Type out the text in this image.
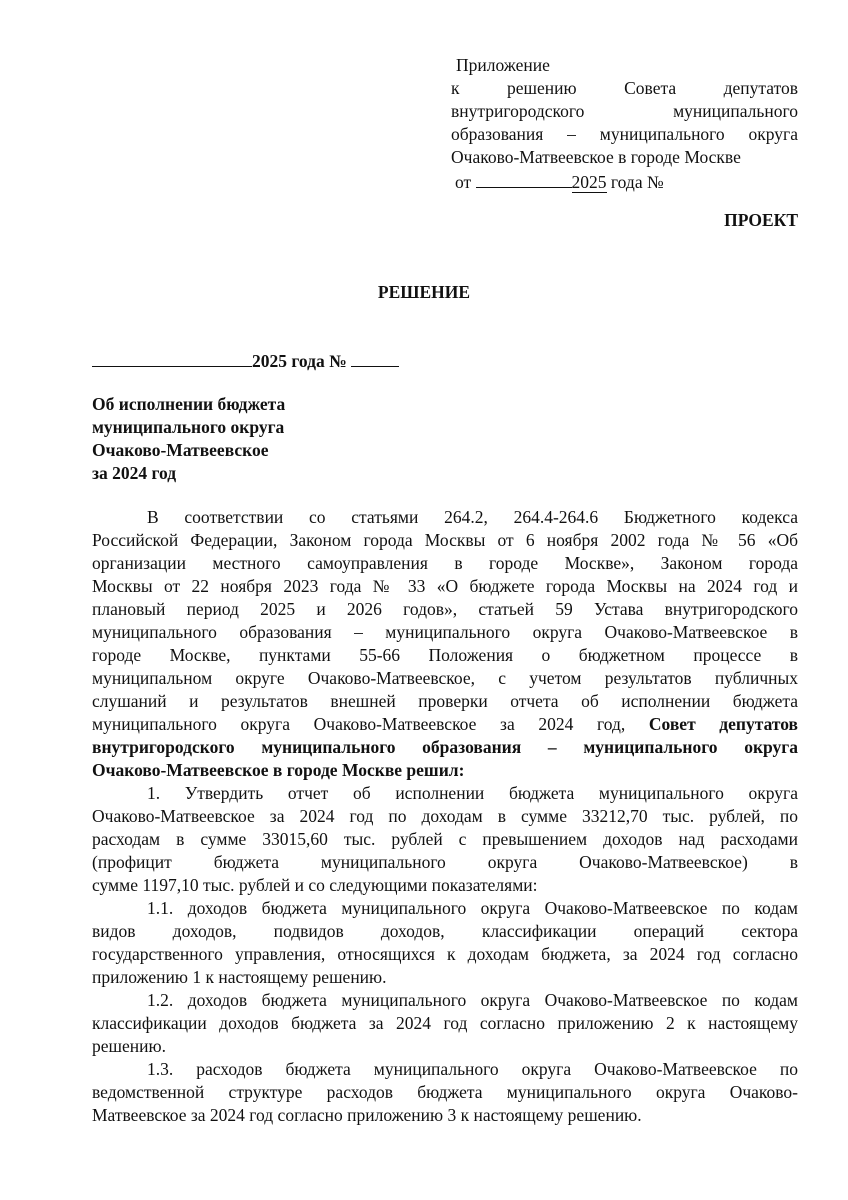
Приложение
к решению Совета депутатов
внутригородского муниципального
образования – муниципального округа
Очаково-Матвеевское в городе Москве
от	2025 года №
ПРОЕКТ
РЕШЕНИЕ
2025 года №
Об исполнении бюджета
муниципального округа
Очаково-Матвеевское
за 2024 год
В соответствии со статьями 264.2, 264.4-264.6 Бюджетного кодекса
Российской Федерации, Законом города Москвы от 6 ноября 2002 года № 56 «Об
организации местного самоуправления в городе Москве», Законом города
Москвы от 22 ноября 2023 года № 33 «О бюджете города Москвы на 2024 год и
плановый период 2025 и 2026 годов», статьей 59 Устава внутригородского
муниципального образования – муниципального округа Очаково-Матвеевское в
городе Москве, пунктами 55-66 Положения о бюджетном процессе в
муниципальном округе Очаково-Матвеевское, с учетом результатов публичных
слушаний и результатов внешней проверки отчета об исполнении бюджета
муниципального округа Очаково-Матвеевское за 2024 год, Совет депутатов
внутригородского муниципального образования – муниципального округа
Очаково-Матвеевское в городе Москве решил:
1. Утвердить отчет об исполнении бюджета муниципального округа
Очаково-Матвеевское за 2024 год по доходам в сумме 33212,70 тыс. рублей, по
расходам в сумме 33015,60 тыс. рублей с превышением доходов над расходами
(профицит бюджета муниципального округа Очаково-Матвеевское) в
сумме 1197,10 тыс. рублей и со следующими показателями:
1.1. доходов бюджета муниципального округа Очаково-Матвеевское по кодам
видов доходов, подвидов доходов, классификации операций сектора
государственного управления, относящихся к доходам бюджета, за 2024 год согласно
приложению 1 к настоящему решению.
1.2. доходов бюджета муниципального округа Очаково-Матвеевское по кодам
классификации доходов бюджета за 2024 год согласно приложению 2 к настоящему
решению.
1.3. расходов бюджета муниципального округа Очаково-Матвеевское по
ведомственной структуре расходов бюджета муниципального округа Очаково-
Матвеевское за 2024 год согласно приложению 3 к настоящему решению.
